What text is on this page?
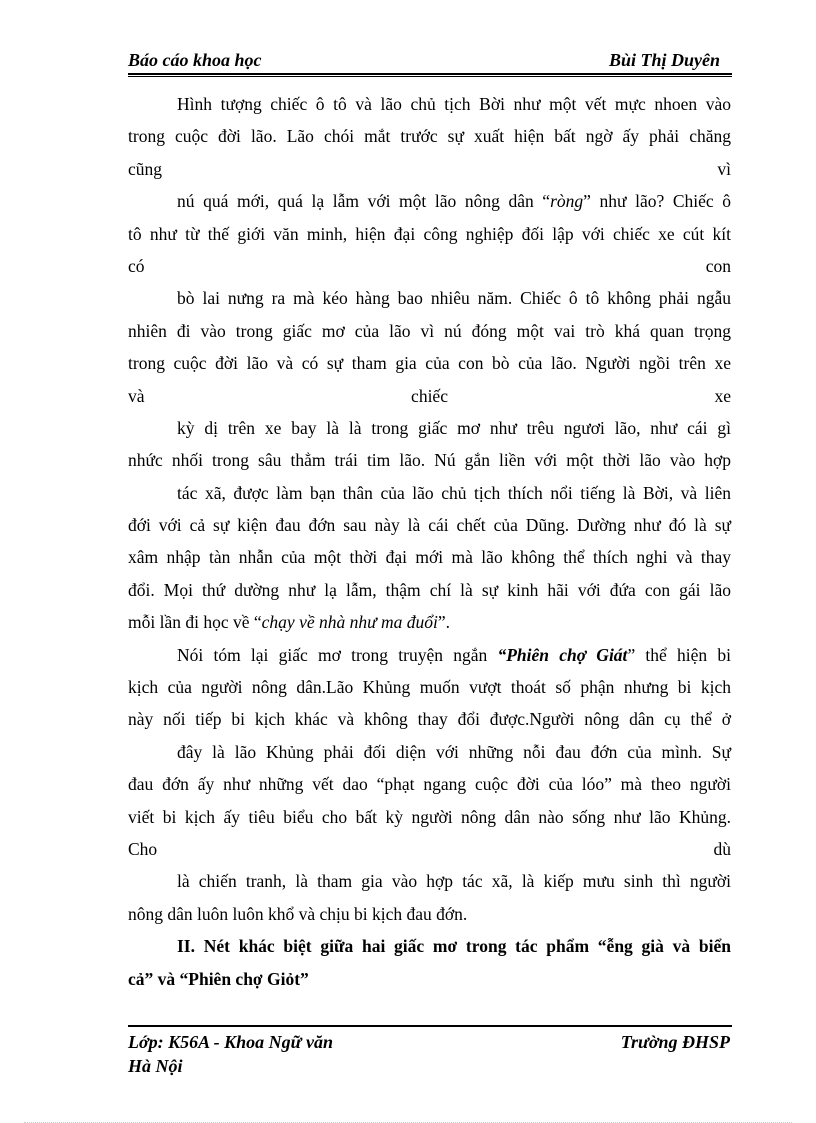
Báo cáo khoa học	Bùi Thị Duyên
Hình tượng chiếc ô tô và lão chủ tịch Bời như một vết mực nhoen vào
trong cuộc đời lão. Lão chói mắt trước sự xuất hiện bất ngờ ấy phải chăng
cũng	vì
nú quá mới, quá lạ lẫm với một lão nông dân “ròng” như lão? Chiếc ô
tô như từ thế giới văn minh, hiện đại công nghiệp đối lập với chiếc xe cút kít
có	con
bò lai nưng ra mà kéo hàng bao nhiêu năm. Chiếc ô tô không phải ngẫu
nhiên đi vào trong giấc mơ của lão vì nú đóng một vai trò khá quan trọng
trong cuộc đời lão và có sự tham gia của con bò của lão. Người ngồi trên xe
và	chiếc	xe
kỳ dị trên xe bay là là trong giấc mơ như trêu ngươi lão, như cái gì
nhức nhối trong sâu thẳm trái tim lão. Nú gắn liền với một thời lão vào hợp
tác xã, được làm bạn thân của lão chủ tịch thích nổi tiếng là Bời, và liên
đới với cả sự kiện đau đớn sau này là cái chết của Dũng. Dường như đó là sự
xâm nhập tàn nhẫn của một thời đại mới mà lão không thể thích nghi và thay
đổi. Mọi thứ dường như lạ lẫm, thậm chí là sự kinh hãi với đứa con gái lão
mỗi lần đi học về “chạy về nhà như ma đuổi”.
Nói tóm lại giấc mơ trong truyện ngắn “Phiên chợ Giát” thể hiện bi
kịch của người nông dân.Lão Khủng muốn vượt thoát số phận nhưng bi kịch
này nối tiếp bi kịch khác và không thay đổi được.Người nông dân cụ thể ở
đây là lão Khủng phải đối diện với những nỗi đau đớn của mình. Sự
đau đớn ấy như những vết dao “phạt ngang cuộc đời của lóo” mà theo người
viết bi kịch ấy tiêu biểu cho bất kỳ người nông dân nào sống như lão Khủng.
Cho	dù
là chiến tranh, là tham gia vào hợp tác xã, là kiếp mưu sinh thì người
nông dân luôn luôn khổ và chịu bi kịch đau đớn.
II. Nét khác biệt giữa hai giấc mơ trong tác phẩm “ễng già và biển
cả” và “Phiên chợ Giỏt”
Lớp: K56A - Khoa Ngữ văn
Hà Nội
Trường ĐHSP
